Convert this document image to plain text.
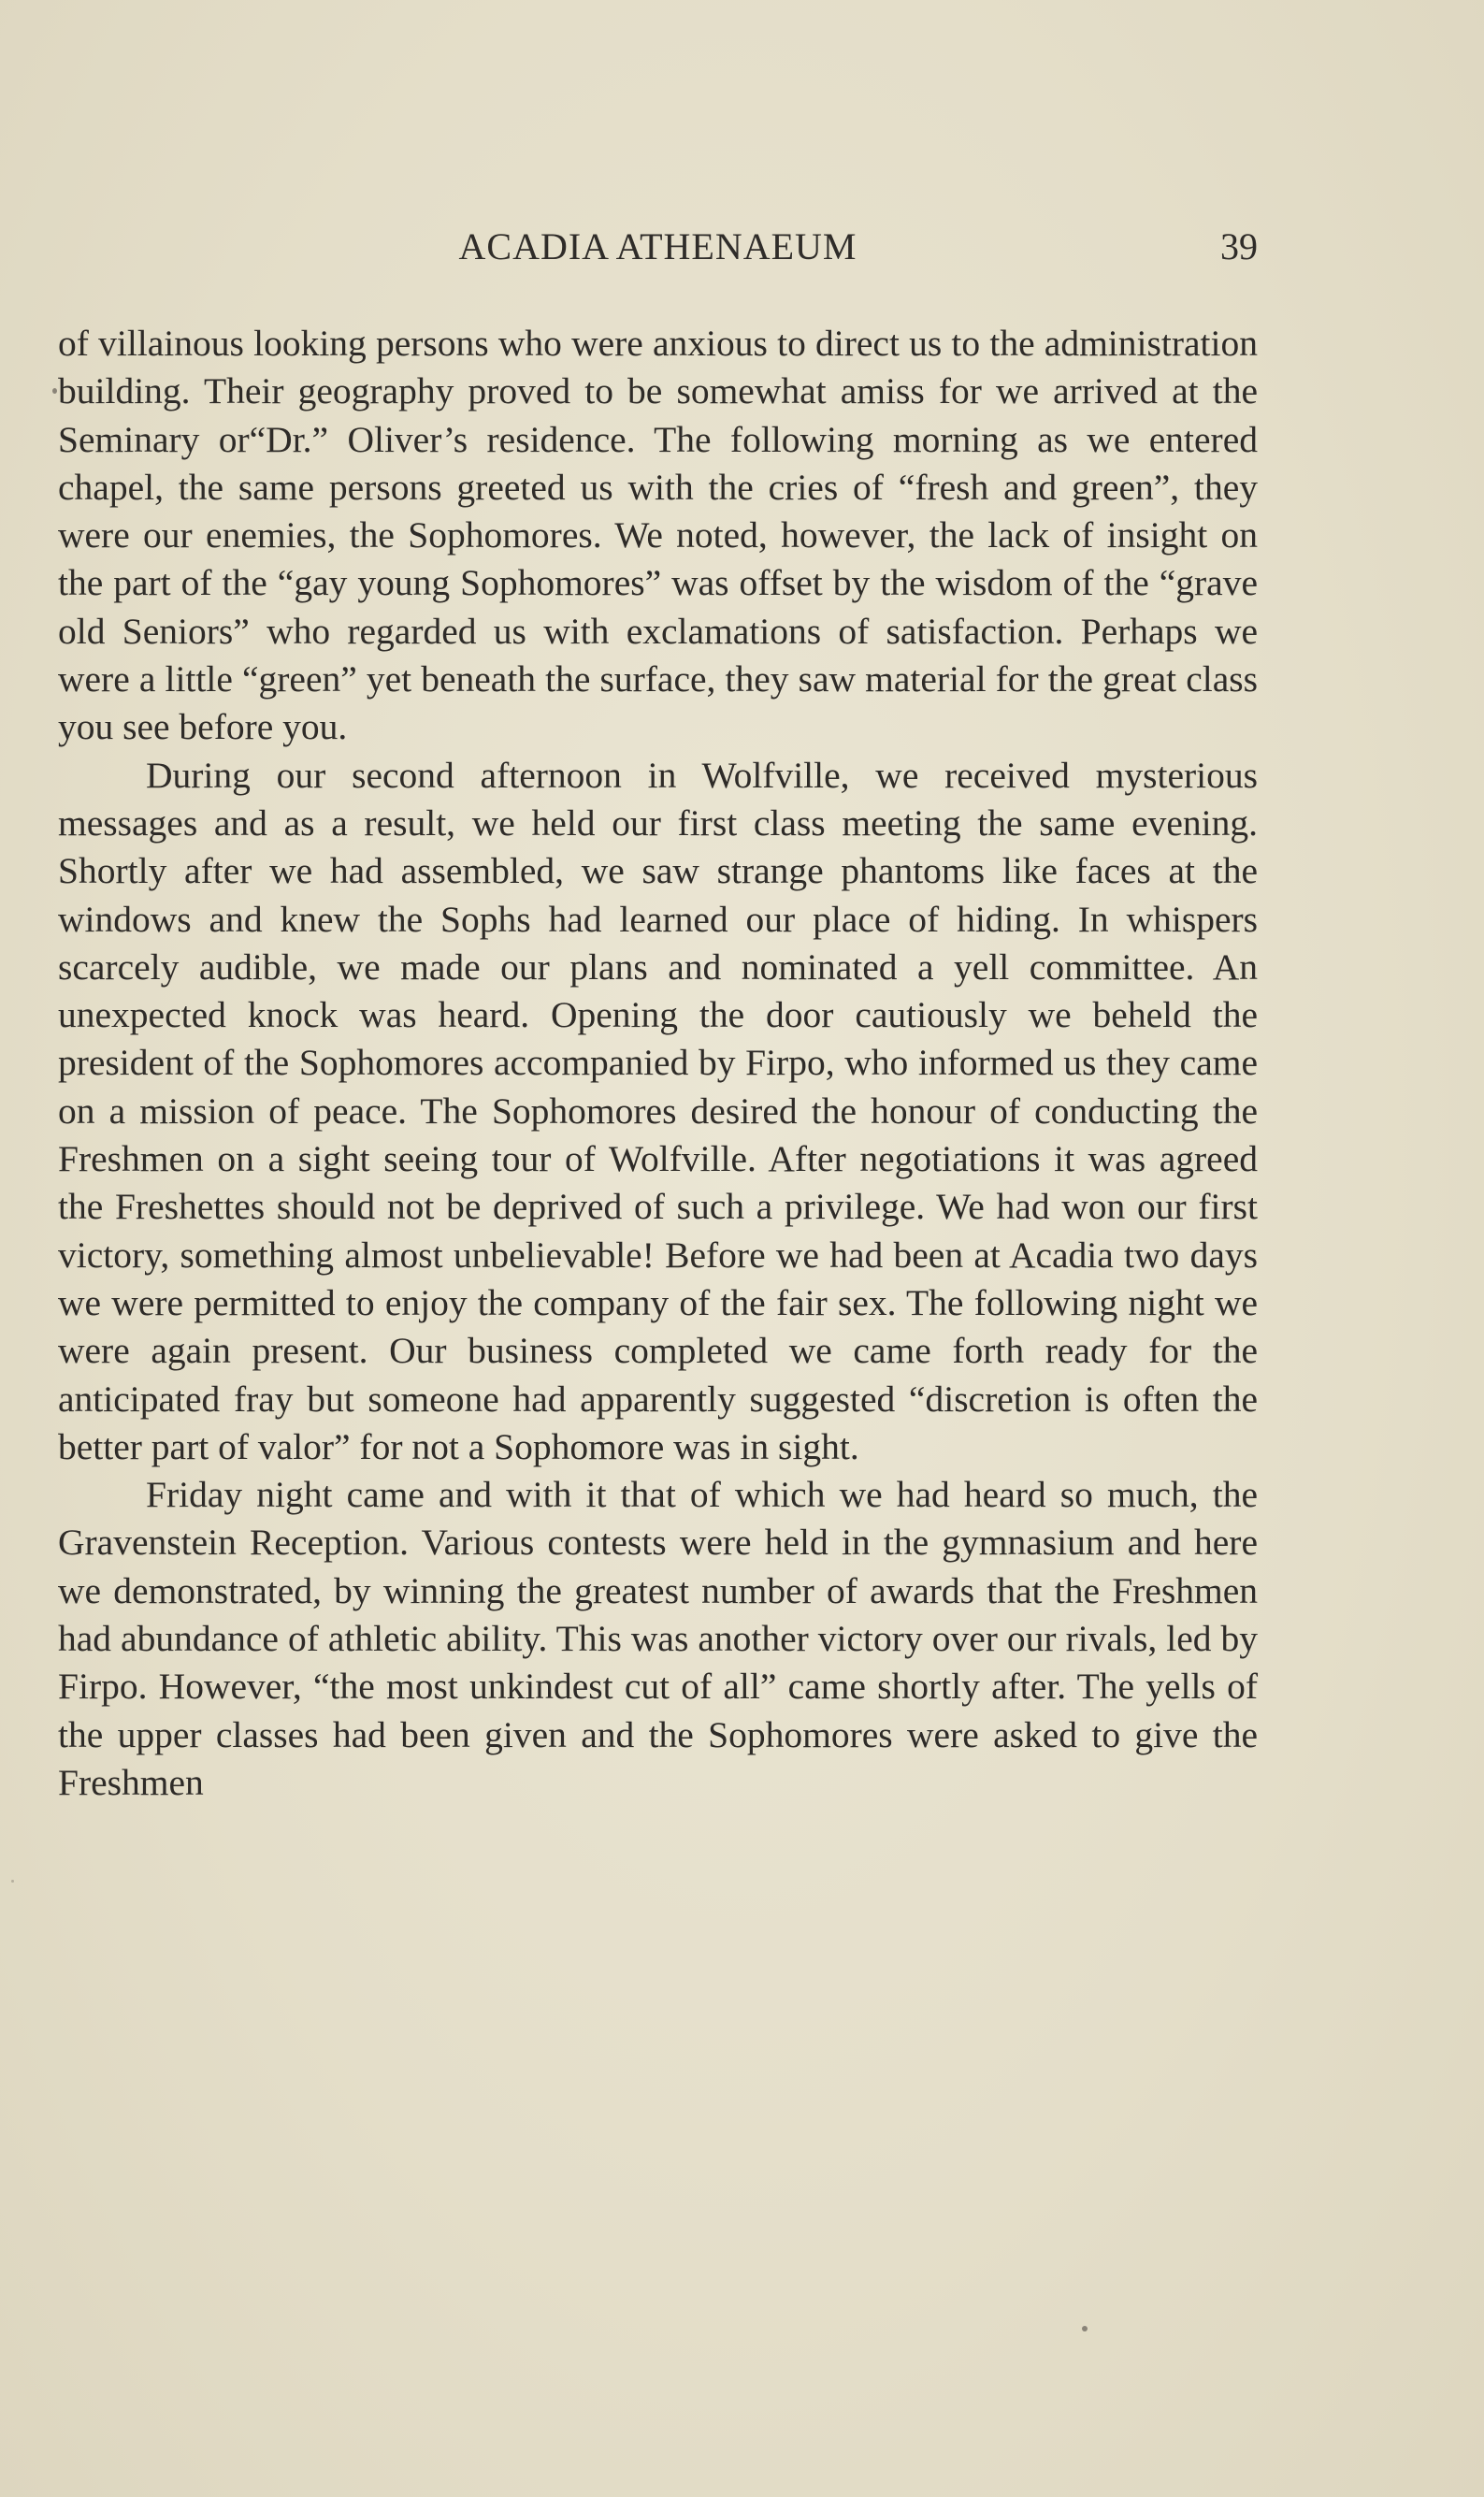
ACADIA ATHENAEUM	39

of villainous looking persons who were anxious to direct us to the administration building. Their geography proved to be somewhat amiss for we arrived at the Seminary or“Dr.” Oliver’s residence. The following morning as we entered chapel, the same persons greeted us with the cries of “fresh and green”, they were our enemies, the Sophomores. We noted, however, the lack of insight on the part of the “gay young Sophomores” was offset by the wisdom of the “grave old Seniors” who regarded us with exclamations of satisfaction. Perhaps we were a little “green” yet beneath the surface, they saw material for the great class you see before you.

During our second afternoon in Wolfville, we received mysterious messages and as a result, we held our first class meeting the same evening. Shortly after we had assembled, we saw strange phantoms like faces at the windows and knew the Sophs had learned our place of hiding. In whispers scarcely audible, we made our plans and nominated a yell committee. An unexpected knock was heard. Opening the door cautiously we beheld the president of the Sophomores accompanied by Firpo, who informed us they came on a mission of peace. The Sophomores desired the honour of conducting the Freshmen on a sight seeing tour of Wolfville. After negotiations it was agreed the Freshettes should not be deprived of such a privilege. We had won our first victory, something almost unbelievable! Before we had been at Acadia two days we were permitted to enjoy the company of the fair sex. The following night we were again present. Our business completed we came forth ready for the anticipated fray but someone had apparently suggested “discretion is often the better part of valor” for not a Sophomore was in sight.

Friday night came and with it that of which we had heard so much, the Gravenstein Reception. Various contests were held in the gymnasium and here we demonstrated, by winning the greatest number of awards that the Freshmen had abundance of athletic ability. This was another victory over our rivals, led by Firpo. However, “the most unkindest cut of all” came shortly after. The yells of the upper classes had been given and the Sophomores were asked to give the Freshmen
